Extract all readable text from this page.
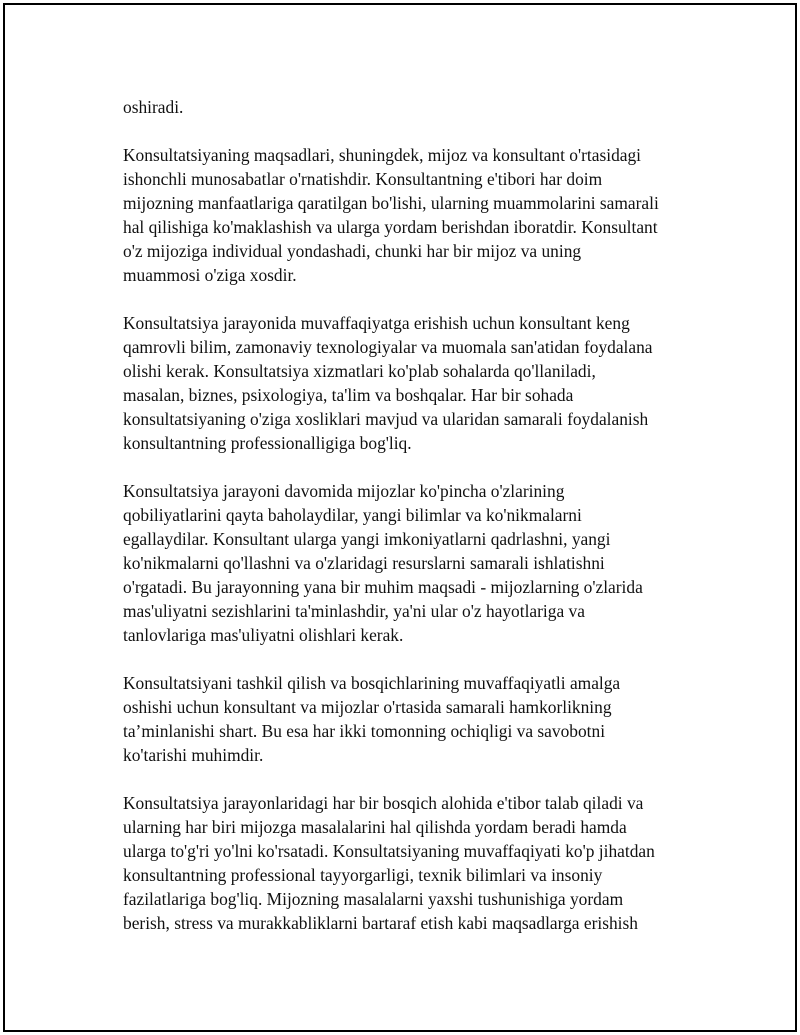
oshiradi.

Konsultatsiyaning maqsadlari, shuningdek, mijoz va konsultant o'rtasidagi
ishonchli munosabatlar o'rnatishdir. Konsultantning e'tibori har doim
mijozning manfaatlariga qaratilgan bo'lishi, ularning muammolarini samarali
hal qilishiga ko'maklashish va ularga yordam berishdan iboratdir. Konsultant
o'z mijoziga individual yondashadi, chunki har bir mijoz va uning
muammosi o'ziga xosdir.

Konsultatsiya jarayonida muvaffaqiyatga erishish uchun konsultant keng
qamrovli bilim, zamonaviy texnologiyalar va muomala san'atidan foydalana
olishi kerak. Konsultatsiya xizmatlari ko'plab sohalarda qo'llaniladi,
masalan, biznes, psixologiya, ta'lim va boshqalar. Har bir sohada
konsultatsiyaning o'ziga xosliklari mavjud va ularidan samarali foydalanish
konsultantning professionalligiga bog'liq.

Konsultatsiya jarayoni davomida mijozlar ko'pincha o'zlarining
qobiliyatlarini qayta baholaydilar, yangi bilimlar va ko'nikmalarni
egallaydilar. Konsultant ularga yangi imkoniyatlarni qadrlashni, yangi
ko'nikmalarni qo'llashni va o'zlaridagi resurslarni samarali ishlatishni
o'rgatadi. Bu jarayonning yana bir muhim maqsadi - mijozlarning o'zlarida
mas'uliyatni sezishlarini ta'minlashdir, ya'ni ular o'z hayotlariga va
tanlovlariga mas'uliyatni olishlari kerak.

Konsultatsiyani tashkil qilish va bosqichlarining muvaffaqiyatli amalga
oshishi uchun konsultant va mijozlar o'rtasida samarali hamkorlikning
ta’minlanishi shart. Bu esa har ikki tomonning ochiqligi va savobotni
ko'tarishi muhimdir.

Konsultatsiya jarayonlaridagi har bir bosqich alohida e'tibor talab qiladi va
ularning har biri mijozga masalalarini hal qilishda yordam beradi hamda
ularga to'g'ri yo'lni ko'rsatadi. Konsultatsiyaning muvaffaqiyati ko'p jihatdan
konsultantning professional tayyorgarligi, texnik bilimlari va insoniy
fazilatlariga bog'liq. Mijozning masalalarni yaxshi tushunishiga yordam
berish, stress va murakkabliklarni bartaraf etish kabi maqsadlarga erishish
